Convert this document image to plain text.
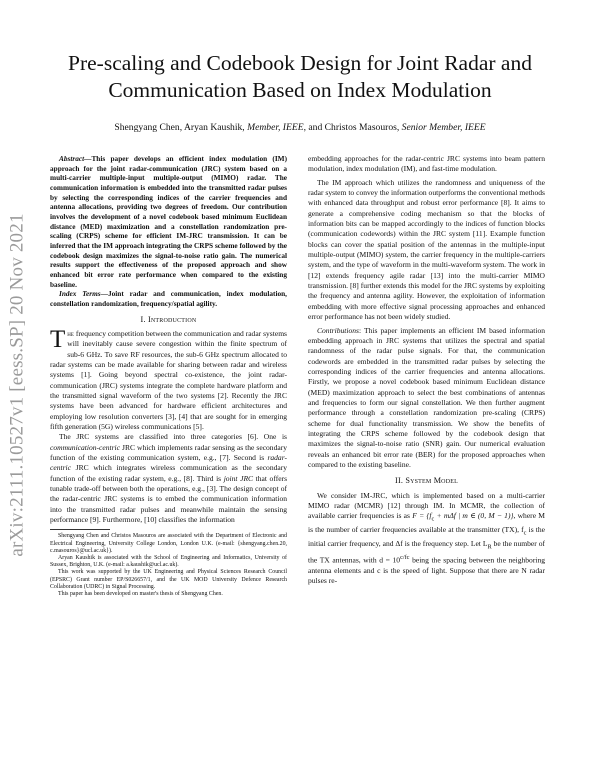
arXiv:2111.10527v1 [eess.SP] 20 Nov 2021
Pre-scaling and Codebook Design for Joint Radar and Communication Based on Index Modulation
Shengyang Chen, Aryan Kaushik, Member, IEEE, and Christos Masouros, Senior Member, IEEE

Abstract—This paper develops an efficient index modulation (IM) approach for the joint radar-communication (JRC) system based on a multi-carrier multiple-input multiple-output (MIMO) radar. The communication information is embedded into the transmitted radar pulses by selecting the corresponding indices of the carrier frequencies and antenna allocations, providing two degrees of freedom. Our contribution involves the development of a novel codebook based minimum Euclidean distance (MED) maximization and a constellation randomization pre-scaling (CRPS) scheme for efficient IM-JRC transmission. It can be inferred that the IM approach integrating the CRPS scheme followed by the codebook design maximizes the signal-to-noise ratio gain. The numerical results support the effectiveness of the proposed approach and show enhanced bit error rate performance when compared to the existing baseline.

Index Terms—Joint radar and communication, index modulation, constellation randomization, frequency/spatial agility.

I. Introduction

The frequency competition between the communication and radar systems will inevitably cause severe congestion within the finite spectrum of sub-6 GHz. To save RF resources, the sub-6 GHz spectrum allocated to radar systems can be made available for sharing between radar and wireless systems [1]. Going beyond spectral co-existence, the joint radar-communication (JRC) systems integrate the complete hardware platform and the transmitted signal waveform of the two systems [2]. Recently the JRC systems have been advanced for hardware efficient architectures and employing low resolution converters [3], [4] that are sought for in emerging fifth generation (5G) wireless communications [5].

The JRC systems are classified into three categories [6]. One is communication-centric JRC which implements radar sensing as the secondary function of the existing communication system, e.g., [7]. Second is radar-centric JRC which integrates wireless communication as the secondary function of the existing radar system, e.g., [8]. Third is joint JRC that offers tunable trade-off between both the operations, e.g., [3]. The design concept of the radar-centric JRC systems is to embed the communication information into the transmitted radar pulses and meanwhile maintain the sensing performance [9]. Furthermore, [10] classifies the information

Shengyang Chen and Christos Masouros are associated with the Department of Electronic and Electrical Engineering, University College London, London U.K. (e-mail: {shengyang.chen.20, c.masouros}@ucl.ac.uk}).

Aryan Kaushik is associated with the School of Engineering and Informatics, University of Sussex, Brighton, U.K. (e-mail: a.kaushik@ucl.ac.uk).

This work was supported by the UK Engineering and Physical Sciences Research Council (EPSRC) Grant number EP/S026657/1, and the UK MOD University Defence Research Collaboration (UDRC) in Signal Processing.

This paper has been developed on master's thesis of Shengyang Chen.

embedding approaches for the radar-centric JRC systems into beam pattern modulation, index modulation (IM), and fast-time modulation.

The IM approach which utilizes the randomness and uniqueness of the radar system to convey the information outperforms the conventional methods with enhanced data throughput and robust error performance [8]. It aims to generate a comprehensive coding mechanism so that the blocks of information bits can be mapped accordingly to the indices of function blocks (communication codewords) within the JRC system [11]. Example function blocks can cover the spatial position of the antennas in the multiple-input multiple-output (MIMO) system, the carrier frequency in the multiple-carriers system, and the type of waveform in the multi-waveform system. The work in [12] extends frequency agile radar [13] into the multi-carrier MIMO transmission. [8] further extends this model for the JRC systems by exploiting the frequency and antenna agility. However, the exploitation of information embedding with more effective signal processing approaches and enhanced error performance has not been widely studied.

Contributions: This paper implements an efficient IM based information embedding approach in JRC systems that utilizes the spectral and spatial randomness of the radar pulse signals. For that, the communication codewords are embedded in the transmitted radar pulses by selecting the corresponding indices of the carrier frequencies and antenna allocations. Firstly, we propose a novel codebook based minimum Euclidean distance (MED) maximization approach to select the best combinations of antennas and frequencies to form our signal constellation. We then further augment performance through a constellation randomization pre-scaling (CRPS) scheme for dual functionality transmission. We show the benefits of integrating the CRPS scheme followed by the codebook design that maximizes the signal-to-noise ratio (SNR) gain. Our numerical evaluation reveals an enhanced bit error rate (BER) for the proposed approaches when compared to the existing baseline.

II. System Model

We consider IM-JRC, which is implemented based on a multi-carrier MIMO radar (MCMR) [12] through IM. In MCMR, the collection of available carrier frequencies is as $F = \{f_c + m\Delta f$ | m ∈ (0, M − 1)}, where M is the number of carrier frequencies available at the transmitter (TX), $f_c$ is the initial carrier frequency, and Δf is the frequency step. Let $L_R$ be the number of the TX antennas, with $d = 10^{c/fc}$ being the spacing between the neighboring antenna elements and c is the speed of light. Suppose that there are N radar pulses re-
